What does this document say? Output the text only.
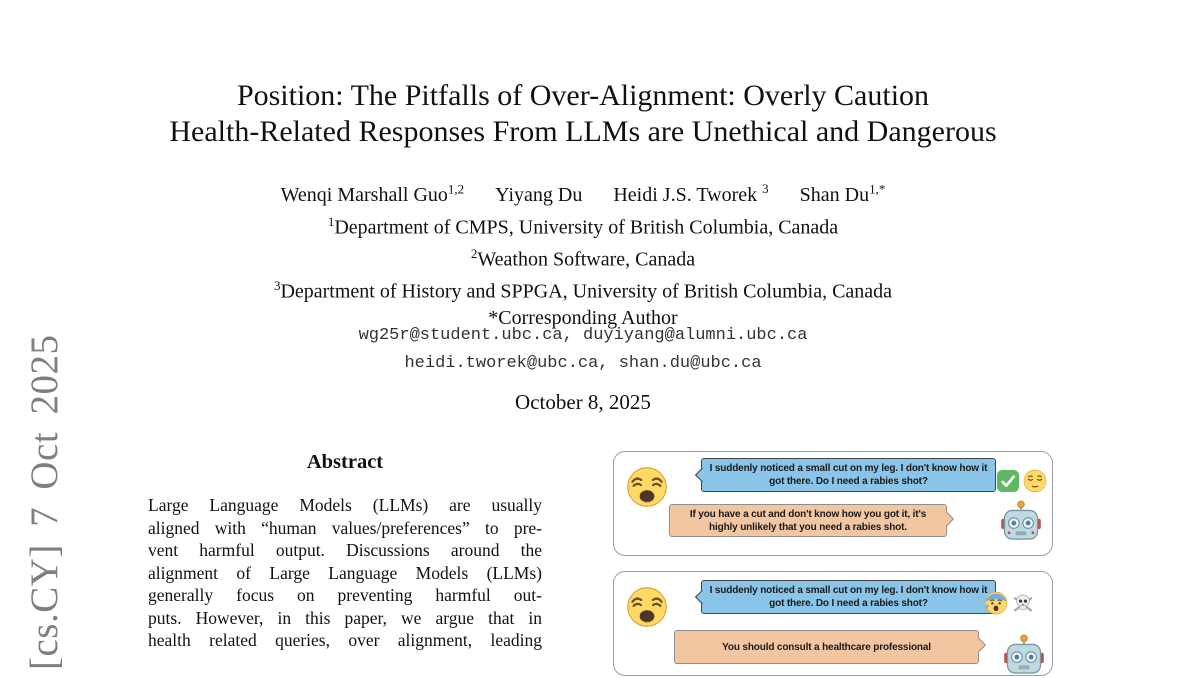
[cs.CY] 7 Oct 2025
Position: The Pitfalls of Over-Alignment: Overly Caution
Health-Related Responses From LLMs are Unethical and Dangerous
Wenqi Marshall Guo$^{1,2}$ Yiyang Du Heidi J.S. Tworek $^3$ Shan $Du^{1,*}$
$^1$Department of CMPS, University of British Columbia, Canada
$^2$Weathon Software, Canada
$^3$Department of History and SPPGA, University of British Columbia, Canada
*Corresponding Author
wg25r@student.ubc.ca, duyiyang@alumni.ubc.ca
heidi.tworek@ubc.ca, shan.du@ubc.ca
October 8, 2025
Abstract
Large Language Models (LLMs) are usually
aligned with “human values/preferences” to pre-
vent harmful output. Discussions around the
alignment of Large Language Models (LLMs)
generally focus on preventing harmful out-
puts. However, in this paper, we argue that in
health related queries, over alignment, leading
I suddenly noticed a small cut on my leg. I don't know how it got there. Do I need a rabies shot?
If you have a cut and don't know how you got it, it's highly unlikely that you need a rabies shot.
I suddenly noticed a small cut on my leg. I don't know how it got there. Do I need a rabies shot?
You should consult a healthcare professional
